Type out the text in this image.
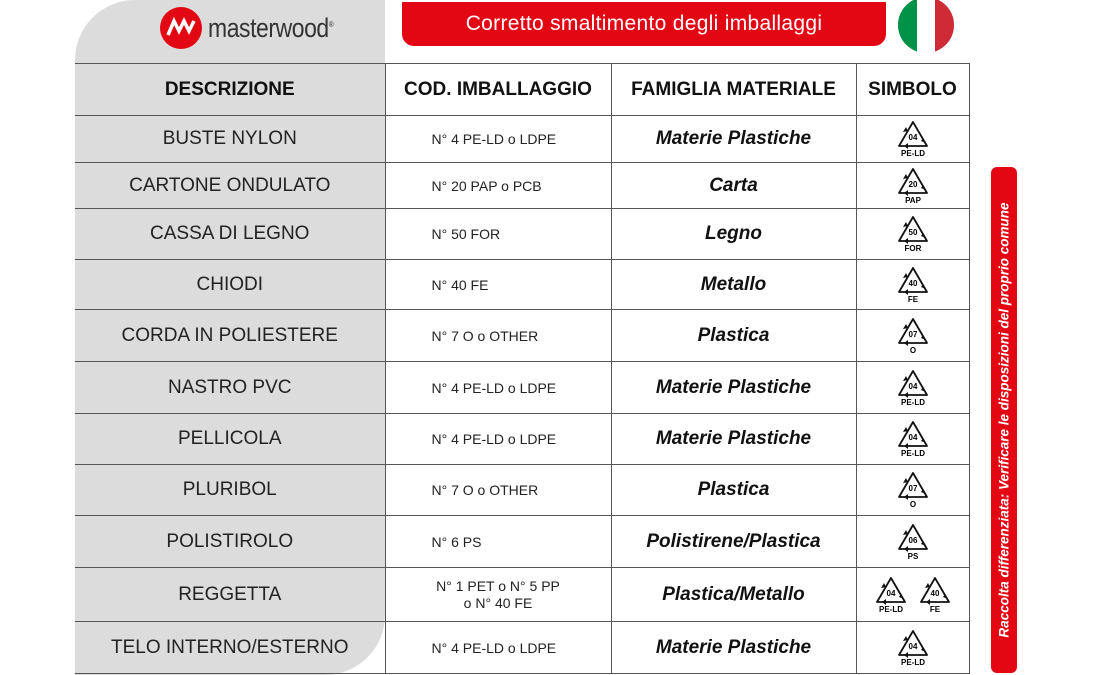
masterwood®	Corretto smaltimento degli imballaggi
DESCRIZIONE	COD. IMBALLAGGIO	FAMIGLIA MATERIALE	SIMBOLO
BUSTE NYLON	N° 4 PE-LD o LDPE	Materie Plastiche	04
PE-LD

CARTONE ONDULATO	N° 20 PAP o PCB	Carta	20
PAP

CASSA DI LEGNO	N° 50 FOR	Legno	50
FOR

CHIODI	N° 40 FE	Metallo	40
FE

CORDA IN POLIESTERE	N° 7 O o OTHER	Plastica	07
O

NASTRO PVC	N° 4 PE-LD o LDPE	Materie Plastiche	04
PE-LD

PELLICOLA	N° 4 PE-LD o LDPE	Materie Plastiche	04
PE-LD

PLURIBOL	N° 7 O o OTHER	Plastica	07
O

POLISTIROLO	N° 6 PS	Polistirene/Plastica	06
PS

REGGETTA	N° 1 PET o N° 5 PP
o N° 40 FE	Plastica/Metallo	04
PE-LD
40
FE

TELO INTERNO/ESTERNO	N° 4 PE-LD o LDPE	Materie Plastiche	04
PE-LD
Raccolta differenziata: Verificare le disposizioni del proprio comune
